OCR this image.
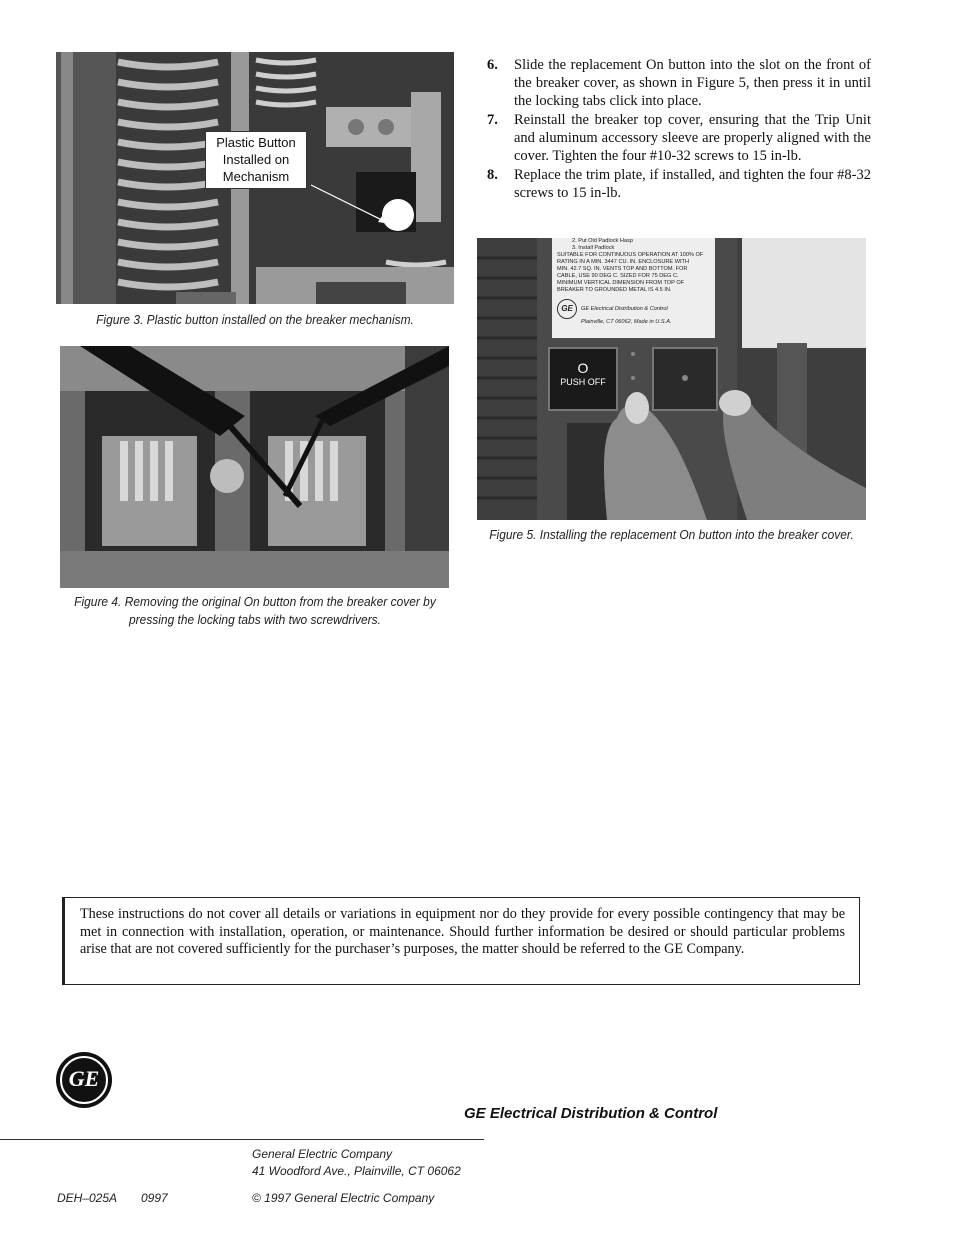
Plastic Button
Installed on
Mechanism
Figure 3. Plastic button installed on the breaker mechanism.
Figure 4. Removing the original On button from the breaker cover by
pressing the locking tabs with two screwdrivers.
6.	Slide the replacement On button into the slot on the front of the breaker cover, as shown in Figure 5, then press it in until the locking tabs click into place.
7.	Reinstall the breaker top cover, ensuring that the Trip Unit and aluminum accessory sleeve are properly aligned with the cover. Tighten the four #10-32 screws to 15 in-lb.
8.	Replace the trim plate, if installed, and tighten the four #8-32 screws to 15 in-lb.
2. Put Old Padlock Hasp
3. Install Padlock
SUITABLE FOR CONTINUOUS OPERATION AT 100% OF
RATING IN A MIN. 3447 CU. IN. ENCLOSURE WITH
MIN. 42.7 SQ. IN. VENTS TOP AND BOTTOM. FOR
CABLE, USE 90 DEG C. SIZED FOR 75 DEG C.
MINIMUM VERTICAL DIMENSION FROM TOP OF
BREAKER TO GROUNDED METAL IS 4.5 IN.
GE	GE Electrical Distribution & Control
Plainville, CT 06062, Made in U.S.A.
O
PUSH OFF
Figure 5. Installing the replacement On button into the breaker cover.
These instructions do not cover all details or variations in equipment nor do they provide for every possible contingency that may be met in connection with installation, operation, or maintenance. Should further information be desired or should particular problems arise that are not covered sufficiently for the purchaser’s purposes, the matter should be referred to the GE Company.
GE
GE Electrical Distribution & Control
General Electric Company
41 Woodford Ave., Plainville, CT 06062
DEH–025A 0997	© 1997 General Electric Company
